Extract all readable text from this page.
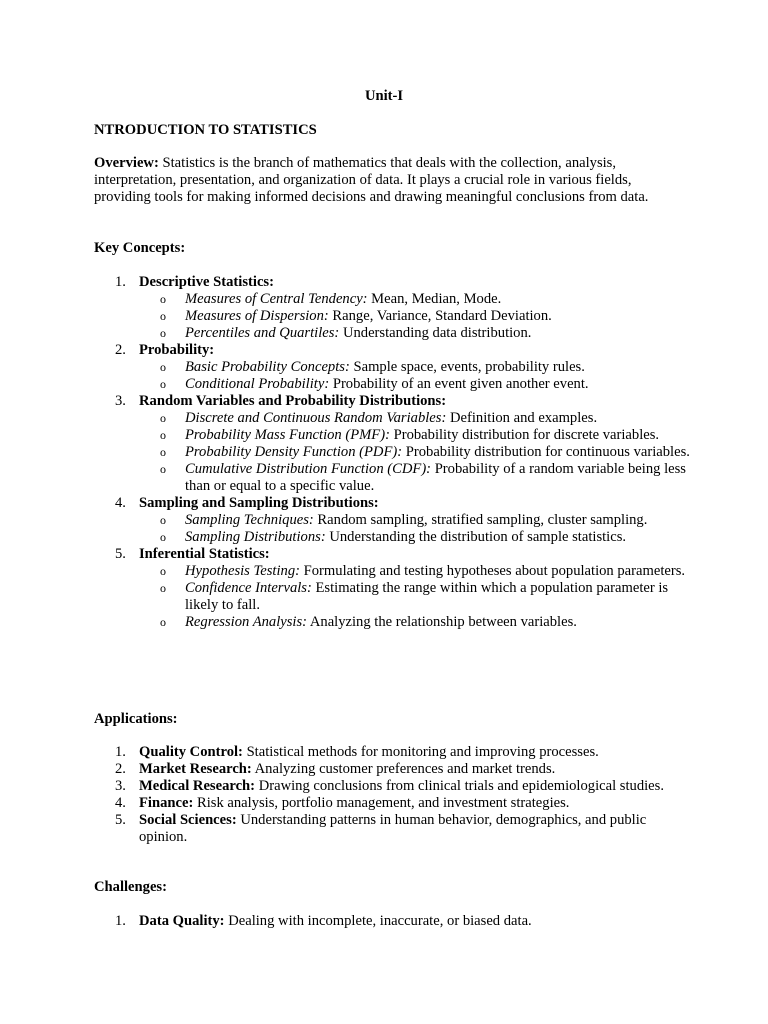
Unit-I
NTRODUCTION TO STATISTICS
Overview: Statistics is the branch of mathematics that deals with the collection, analysis, interpretation, presentation, and organization of data. It plays a crucial role in various fields, providing tools for making informed decisions and drawing meaningful conclusions from data.
Key Concepts:
1. Descriptive Statistics:
o Measures of Central Tendency: Mean, Median, Mode.
o Measures of Dispersion: Range, Variance, Standard Deviation.
o Percentiles and Quartiles: Understanding data distribution.
2. Probability:
o Basic Probability Concepts: Sample space, events, probability rules.
o Conditional Probability: Probability of an event given another event.
3. Random Variables and Probability Distributions:
o Discrete and Continuous Random Variables: Definition and examples.
o Probability Mass Function (PMF): Probability distribution for discrete variables.
o Probability Density Function (PDF): Probability distribution for continuous variables.
o Cumulative Distribution Function (CDF): Probability of a random variable being less than or equal to a specific value.
4. Sampling and Sampling Distributions:
o Sampling Techniques: Random sampling, stratified sampling, cluster sampling.
o Sampling Distributions: Understanding the distribution of sample statistics.
5. Inferential Statistics:
o Hypothesis Testing: Formulating and testing hypotheses about population parameters.
o Confidence Intervals: Estimating the range within which a population parameter is likely to fall.
o Regression Analysis: Analyzing the relationship between variables.
Applications:
1. Quality Control: Statistical methods for monitoring and improving processes.
2. Market Research: Analyzing customer preferences and market trends.
3. Medical Research: Drawing conclusions from clinical trials and epidemiological studies.
4. Finance: Risk analysis, portfolio management, and investment strategies.
5. Social Sciences: Understanding patterns in human behavior, demographics, and public opinion.
Challenges:
1. Data Quality: Dealing with incomplete, inaccurate, or biased data.
